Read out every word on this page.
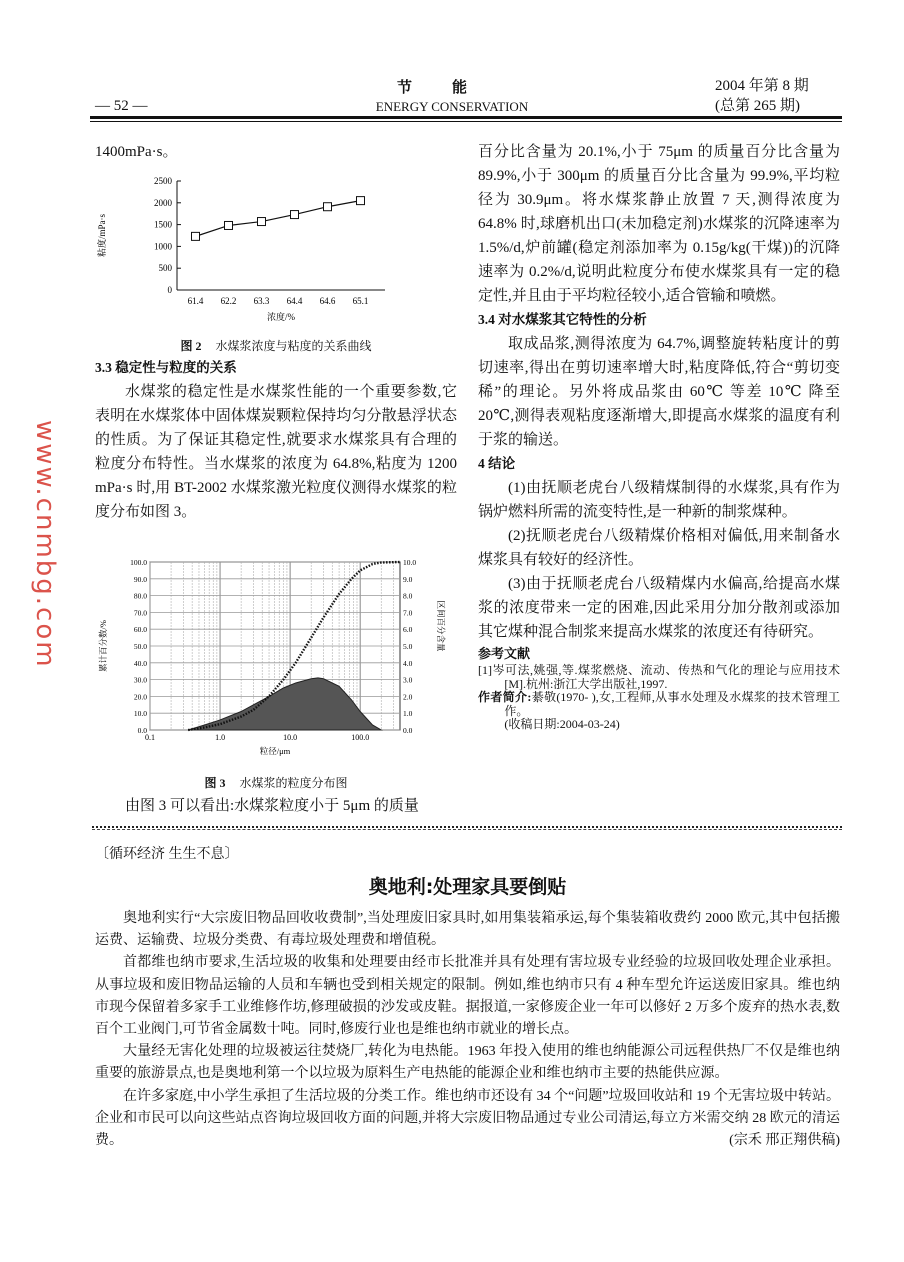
节能
ENERGY CONSERVATION
— 52 —
2004 年第 8 期
(总第 265 期)

1400mPa·s。

0
500
1000
1500
2000
2500
61.4 62.2 63.3 64.4 64.6 65.1
浓度/%
粘度/mPa·s
图 2 水煤浆浓度与粘度的关系曲线
3.3 稳定性与粒度的关系

水煤浆的稳定性是水煤浆性能的一个重要参数,它表明在水煤浆体中固体煤炭颗粒保持均匀分散悬浮状态的性质。为了保证其稳定性,就要求水煤浆具有合理的粒度分布特性。当水煤浆的浓度为 64.8%,粘度为 1200 mPa·s 时,用 BT-2002 水煤浆激光粒度仪测得水煤浆的粒度分布如图 3。

0.0	0.0
10.0	1.0
20.0	2.0
30.0	3.0
40.0	4.0
50.0	5.0
60.0	6.0
70.0	7.0
80.0	8.0
90.0	9.0
100.0	10.0
0.1	1.0	10.0	100.0
粒径/μm
累计百分数/%	区间百分含量
图 3 水煤浆的粒度分布图

由图 3 可以看出:水煤浆粒度小于 5μm 的质量

百分比含量为 20.1%,小于 75μm 的质量百分比含量为 89.9%,小于 300μm 的质量百分比含量为 99.9%,平均粒径为 30.9μm。将水煤浆静止放置 7 天,测得浓度为 64.8% 时,球磨机出口(未加稳定剂)水煤浆的沉降速率为 1.5%/d,炉前罐(稳定剂添加率为 0.15g/kg(干煤))的沉降速率为 0.2%/d,说明此粒度分布使水煤浆具有一定的稳定性,并且由于平均粒径较小,适合管输和喷燃。

3.4 对水煤浆其它特性的分析

取成品浆,测得浓度为 64.7%,调整旋转粘度计的剪切速率,得出在剪切速率增大时,粘度降低,符合“剪切变稀”的理论。另外将成品浆由 60℃ 等差 10℃ 降至 20℃,测得表观粘度逐渐增大,即提高水煤浆的温度有利于浆的输送。

4 结论

(1)由抚顺老虎台八级精煤制得的水煤浆,具有作为锅炉燃料所需的流变特性,是一种新的制浆煤种。

(2)抚顺老虎台八级精煤价格相对偏低,用来制备水煤浆具有较好的经济性。

(3)由于抚顺老虎台八级精煤内水偏高,给提高水煤浆的浓度带来一定的困难,因此采用分加分散剂或添加其它煤种混合制浆来提高水煤浆的浓度还有待研究。

参考文献
[1]岑可法,姚强,等.煤浆燃烧、流动、传热和气化的理论与应用技术[M].杭州:浙江大学出版社,1997.
作者简介:綦敬(1970- ),女,工程师,从事水处理及水煤浆的技术管理工作。
(收稿日期:2004-03-24)
www.cnmbg.com
〔循环经济 生生不息〕
奥地利:处理家具要倒贴

奥地利实行“大宗废旧物品回收收费制”,当处理废旧家具时,如用集装箱承运,每个集装箱收费约 2000 欧元,其中包括搬运费、运输费、垃圾分类费、有毒垃圾处理费和增值税。

首都维也纳市要求,生活垃圾的收集和处理要由经市长批准并具有处理有害垃圾专业经验的垃圾回收处理企业承担。从事垃圾和废旧物品运输的人员和车辆也受到相关规定的限制。例如,维也纳市只有 4 种车型允许运送废旧家具。维也纳市现今保留着多家手工业维修作坊,修理破损的沙发或皮鞋。据报道,一家修废企业一年可以修好 2 万多个废弃的热水表,数百个工业阀门,可节省金属数十吨。同时,修废行业也是维也纳市就业的增长点。

大量经无害化处理的垃圾被运往焚烧厂,转化为电热能。1963 年投入使用的维也纳能源公司远程供热厂不仅是维也纳重要的旅游景点,也是奥地利第一个以垃圾为原料生产电热能的能源企业和维也纳市主要的热能供应源。

在许多家庭,中小学生承担了生活垃圾的分类工作。维也纳市还设有 34 个“问题”垃圾回收站和 19 个无害垃圾中转站。企业和市民可以向这些站点咨询垃圾回收方面的问题,并将大宗废旧物品通过专业公司清运,每立方米需交纳 28 欧元的清运费。	(宗禾 邢正翔供稿)
